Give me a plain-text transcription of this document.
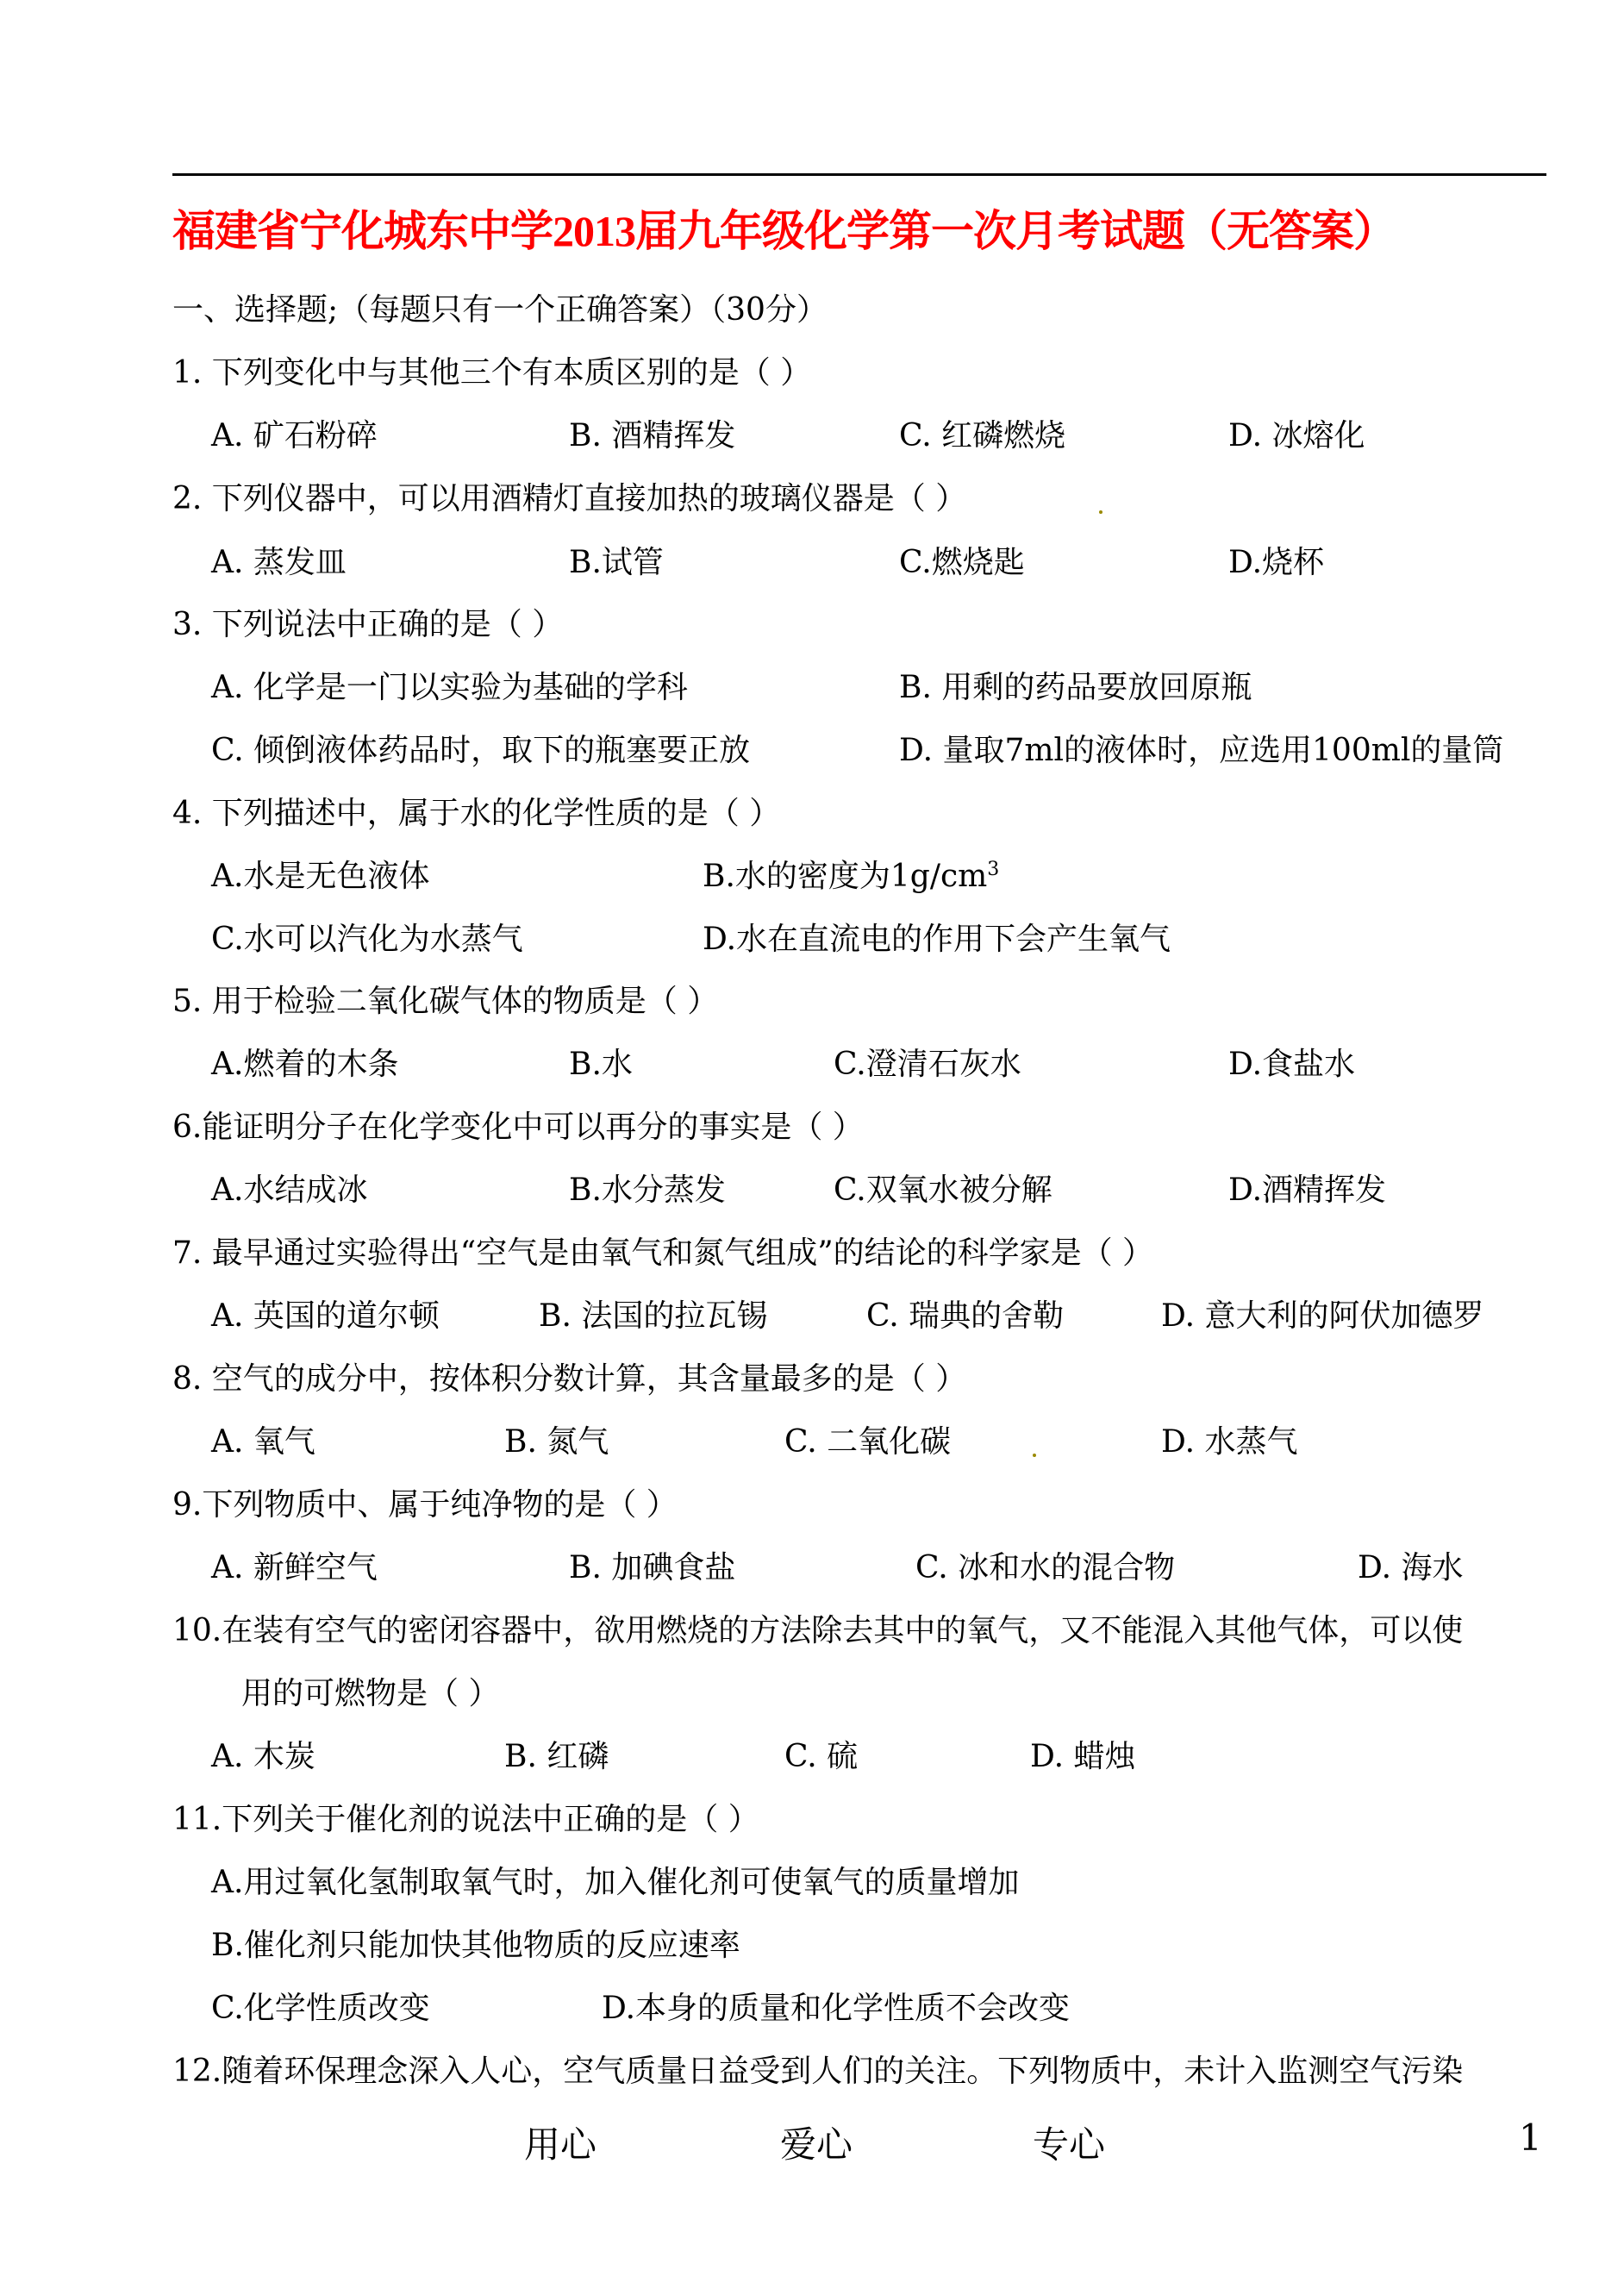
福建省宁化城东中学2013届九年级化学第一次月考试题（无答案）
一、选择题;（每题只有一个正确答案）（30分）
1. 下列变化中与其他三个有本质区别的是（ ）
A. 矿石粉碎	B. 酒精挥发	C. 红磷燃烧	D. 冰熔化
2. 下列仪器中，可以用酒精灯直接加热的玻璃仪器是（ ）
A. 蒸发皿	B.试管	C.燃烧匙	D.烧杯
3. 下列说法中正确的是（ ）
A. 化学是一门以实验为基础的学科	B. 用剩的药品要放回原瓶
C. 倾倒液体药品时，取下的瓶塞要正放	D. 量取7ml的液体时，应选用100ml的量筒
4. 下列描述中，属于水的化学性质的是（ ）
A.水是无色液体	B.水的密度为$1g/cm^3$
C.水可以汽化为水蒸气	D.水在直流电的作用下会产生氧气
5. 用于检验二氧化碳气体的物质是（ ）
A.燃着的木条	B.水	C.澄清石灰水	D.食盐水
6.能证明分子在化学变化中可以再分的事实是（ ）
A.水结成冰	B.水分蒸发	C.双氧水被分解	D.酒精挥发
7. 最早通过实验得出“空气是由氧气和氮气组成”的结论的科学家是（ ）
A. 英国的道尔顿	B. 法国的拉瓦锡	C. 瑞典的舍勒	D. 意大利的阿伏加德罗
8. 空气的成分中，按体积分数计算，其含量最多的是（ ）
A. 氧气	B. 氮气	C. 二氧化碳	D. 水蒸气
9.下列物质中、属于纯净物的是（ ）
A. 新鲜空气	B. 加碘食盐	C. 冰和水的混合物	D. 海水
10.在装有空气的密闭容器中，欲用燃烧的方法除去其中的氧气，又不能混入其他气体，可以使
用的可燃物是（ ）
A. 木炭	B. 红磷	C. 硫	D. 蜡烛
11.下列关于催化剂的说法中正确的是（ ）
A.用过氧化氢制取氧气时，加入催化剂可使氧气的质量增加
B.催化剂只能加快其他物质的反应速率
C.化学性质改变	D.本身的质量和化学性质不会改变
12.随着环保理念深入人心，空气质量日益受到人们的关注。下列物质中，未计入监测空气污染
用心	爱心	专心	1
